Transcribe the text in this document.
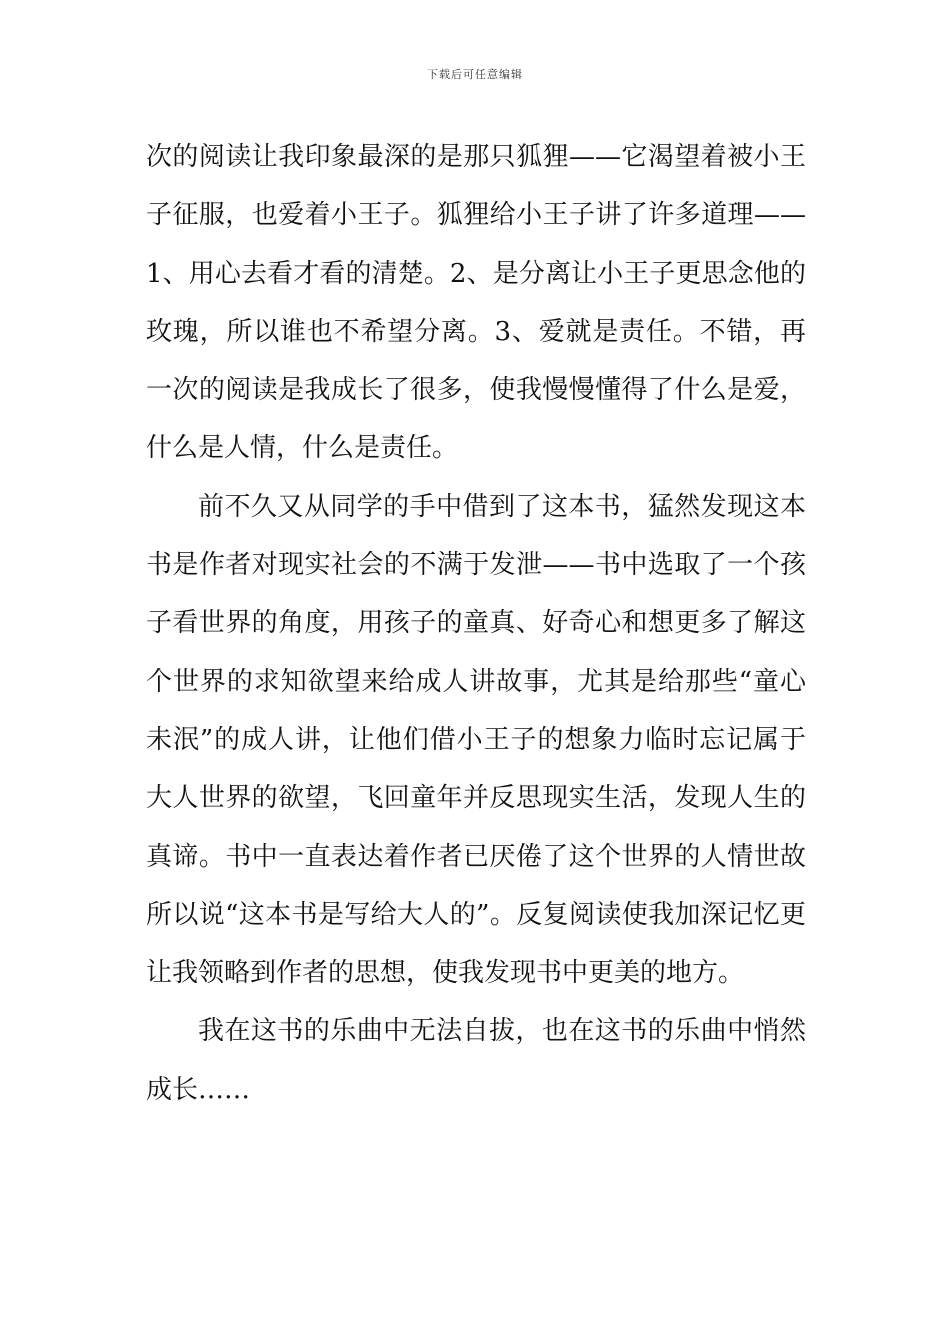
下载后可任意编辑

次的阅读让我印象最深的是那只狐狸——它渴望着被小王子征服，也爱着小王子。狐狸给小王子讲了许多道理——1、用心去看才看的清楚。2、是分离让小王子更思念他的玫瑰，所以谁也不希望分离。3、爱就是责任。不错，再一次的阅读是我成长了很多，使我慢慢懂得了什么是爱，什么是人情，什么是责任。

前不久又从同学的手中借到了这本书，猛然发现这本书是作者对现实社会的不满于发泄——书中选取了一个孩子看世界的角度，用孩子的童真、好奇心和想更多了解这个世界的求知欲望来给成人讲故事，尤其是给那些“童心未泯”的成人讲，让他们借小王子的想象力临时忘记属于大人世界的欲望，飞回童年并反思现实生活，发现人生的真谛。书中一直表达着作者已厌倦了这个世界的人情世故所以说“这本书是写给大人的”。反复阅读使我加深记忆更让我领略到作者的思想，使我发现书中更美的地方。

我在这书的乐曲中无法自拔，也在这书的乐曲中悄然成长……
